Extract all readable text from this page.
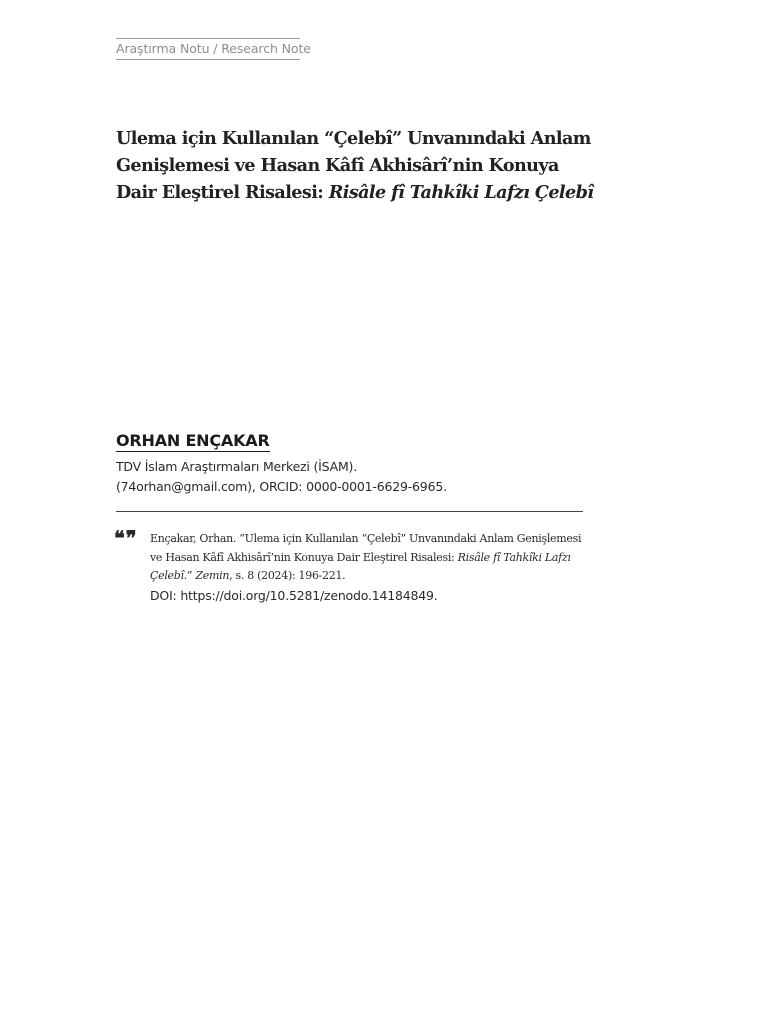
Araştırma Notu / Research Note
Ulema için Kullanılan “Çelebî” Unvanındaki Anlam Genişlemesi ve Hasan Kâfî Akhisârî’nin Konuya Dair Eleştirel Risalesi: Risâle fî Tahkîki Lafzı Çelebî
ORHAN ENÇAKAR
TDV İslam Araştırmaları Merkezi (İSAM).
(74orhan@gmail.com), ORCID: 0000-0001-6629-6965.
❝❞ Ençakar, Orhan. “Ulema için Kullanılan “Çelebî” Unvanındaki Anlam Genişlemesi ve Hasan Kâfî Akhisârî’nin Konuya Dair Eleştirel Risalesi: Risâle fî Tahkîki Lafzı Çelebî.” Zemin, s. 8 (2024): 196-221.
DOI: https://doi.org/10.5281/zenodo.14184849.
